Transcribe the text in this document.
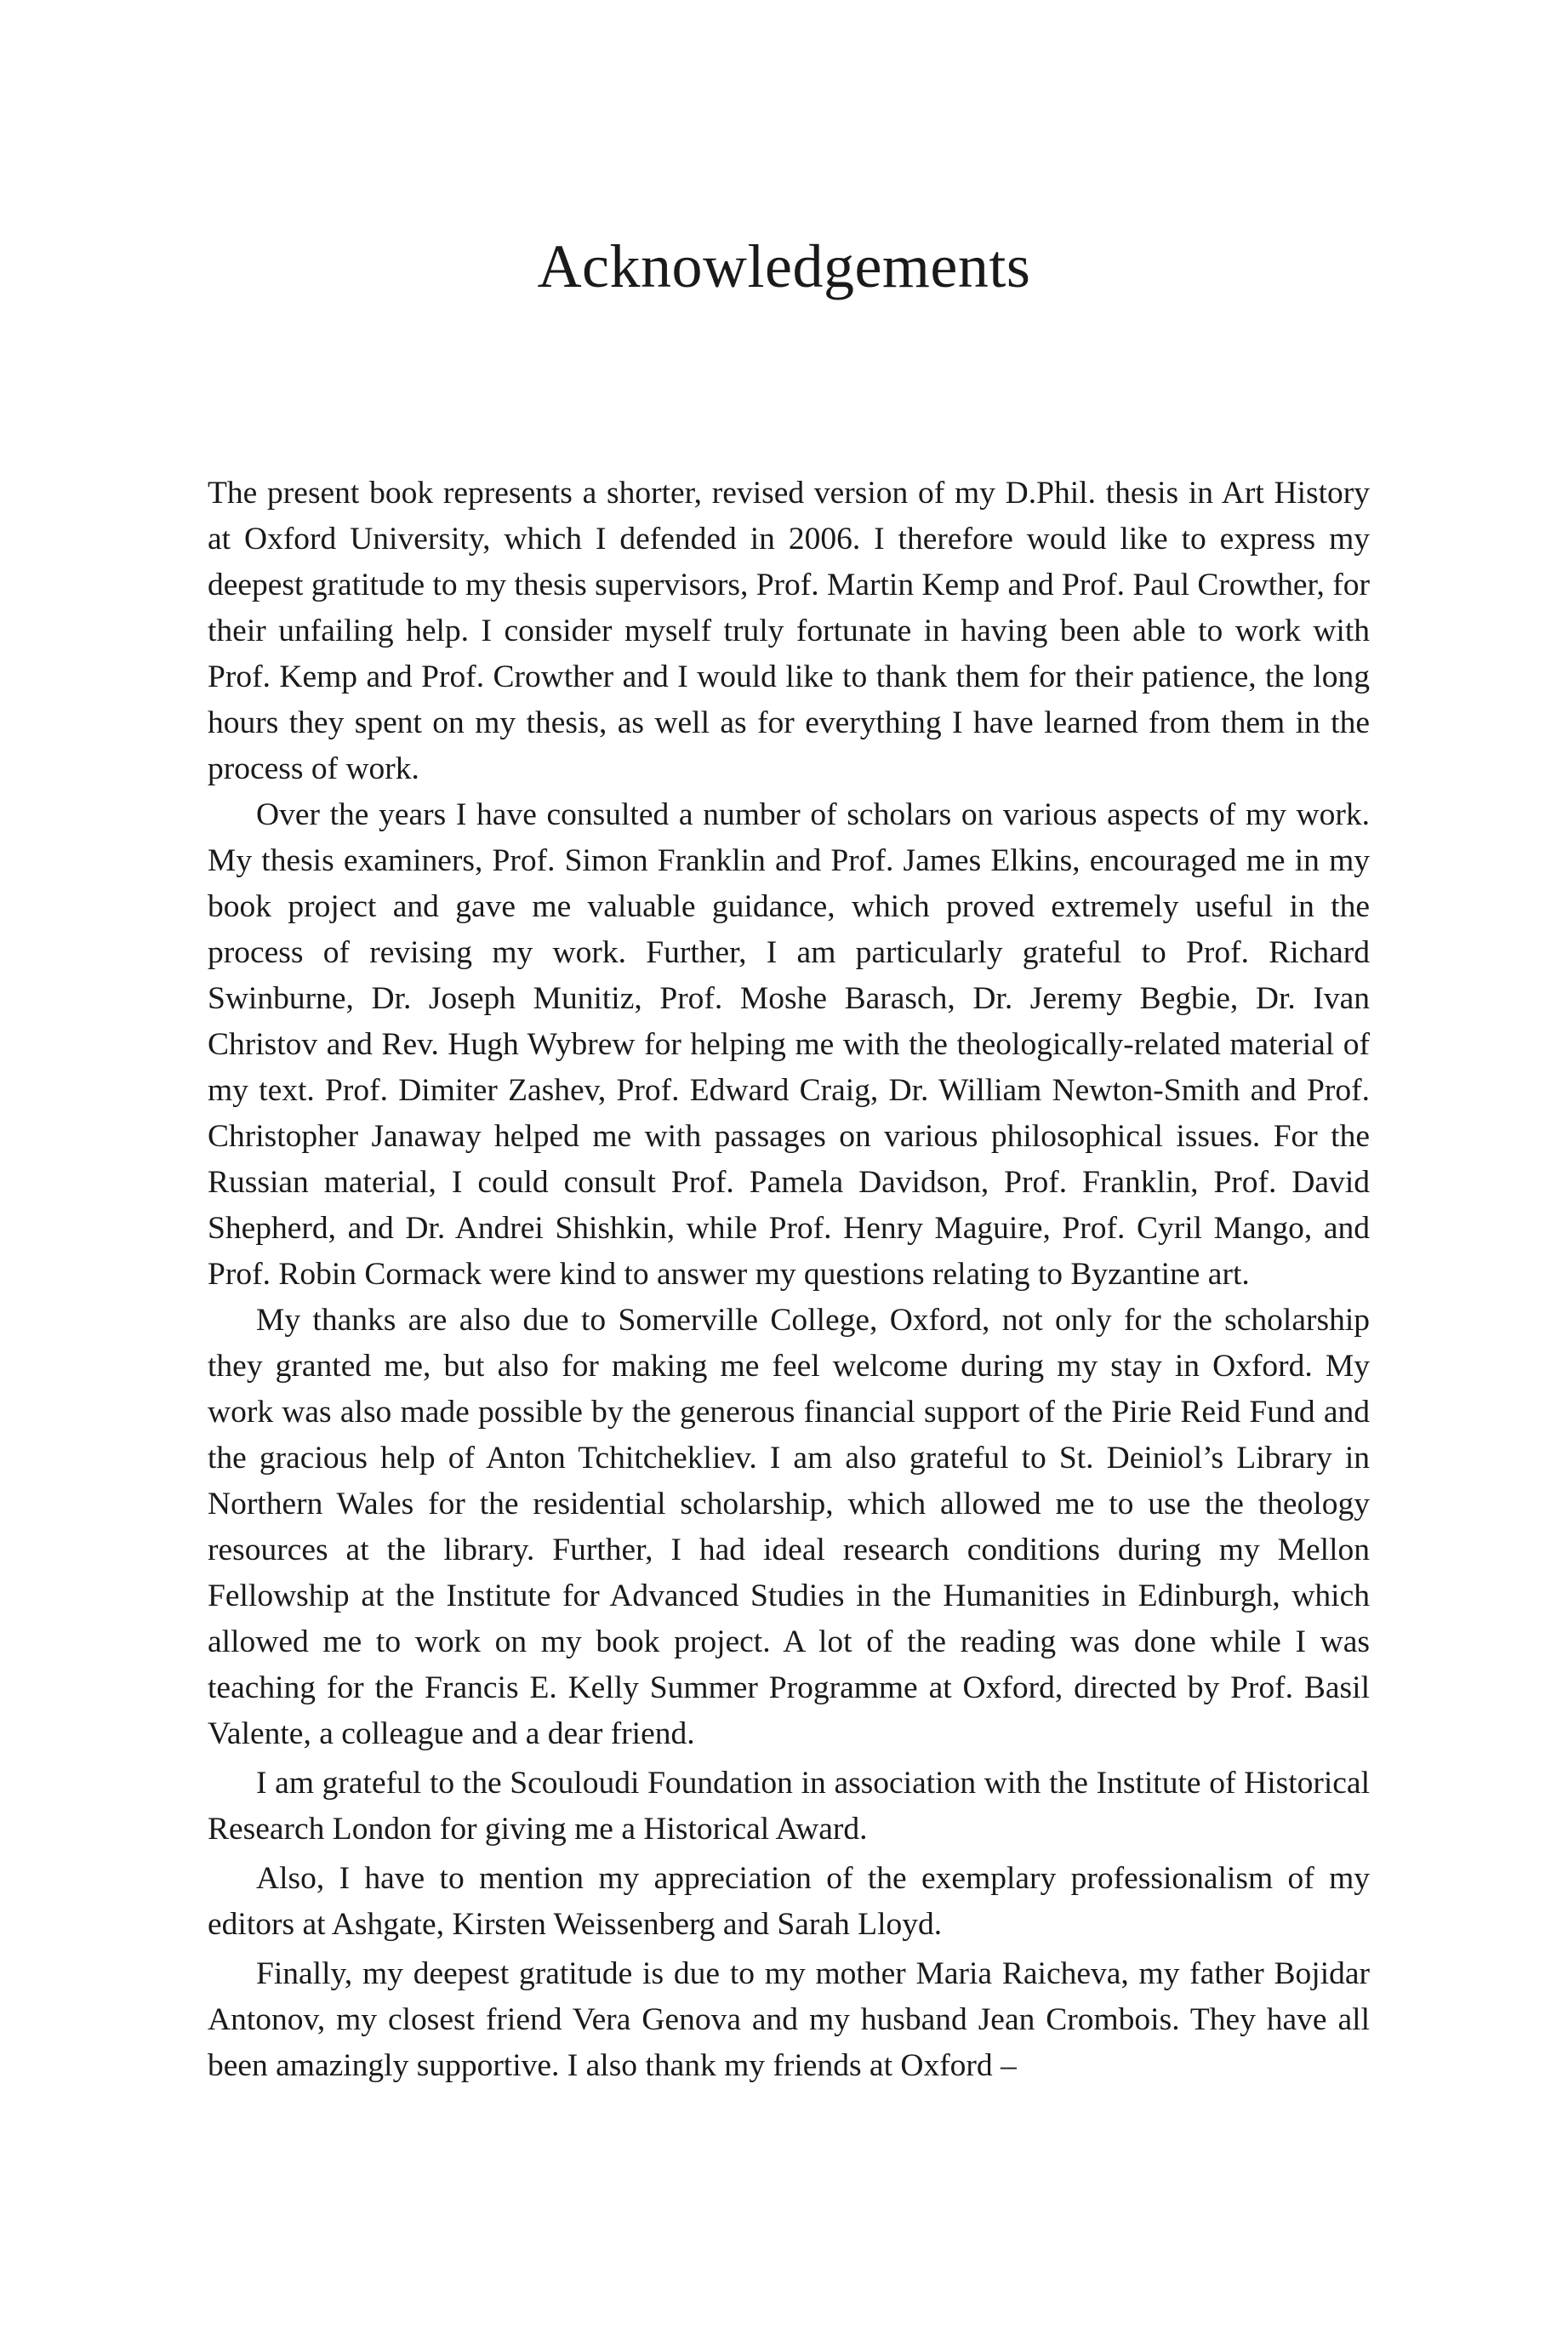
Acknowledgements

The present book represents a shorter, revised version of my D.Phil. thesis in Art History at Oxford University, which I defended in 2006. I therefore would like to express my deepest gratitude to my thesis supervisors, Prof. Martin Kemp and Prof. Paul Crowther, for their unfailing help. I consider myself truly fortunate in having been able to work with Prof. Kemp and Prof. Crowther and I would like to thank them for their patience, the long hours they spent on my thesis, as well as for everything I have learned from them in the process of work.

Over the years I have consulted a number of scholars on various aspects of my work. My thesis examiners, Prof. Simon Franklin and Prof. James Elkins, encouraged me in my book project and gave me valuable guidance, which proved extremely useful in the process of revising my work. Further, I am particularly grateful to Prof. Richard Swinburne, Dr. Joseph Munitiz, Prof. Moshe Barasch, Dr. Jeremy Begbie, Dr. Ivan Christov and Rev. Hugh Wybrew for helping me with the theologically-related material of my text. Prof. Dimiter Zashev, Prof. Edward Craig, Dr. William Newton-Smith and Prof. Christopher Janaway helped me with passages on various philosophical issues. For the Russian material, I could consult Prof. Pamela Davidson, Prof. Franklin, Prof. David Shepherd, and Dr. Andrei Shishkin, while Prof. Henry Maguire, Prof. Cyril Mango, and Prof. Robin Cormack were kind to answer my questions relating to Byzantine art.

My thanks are also due to Somerville College, Oxford, not only for the scholarship they granted me, but also for making me feel welcome during my stay in Oxford. My work was also made possible by the generous financial support of the Pirie Reid Fund and the gracious help of Anton Tchitchekliev. I am also grateful to St. Deiniol’s Library in Northern Wales for the residential scholarship, which allowed me to use the theology resources at the library. Further, I had ideal research conditions during my Mellon Fellowship at the Institute for Advanced Studies in the Humanities in Edinburgh, which allowed me to work on my book project. A lot of the reading was done while I was teaching for the Francis E. Kelly Summer Programme at Oxford, directed by Prof. Basil Valente, a colleague and a dear friend.

I am grateful to the Scouloudi Foundation in association with the Institute of Historical Research London for giving me a Historical Award.

Also, I have to mention my appreciation of the exemplary professionalism of my editors at Ashgate, Kirsten Weissenberg and Sarah Lloyd.

Finally, my deepest gratitude is due to my mother Maria Raicheva, my father Bojidar Antonov, my closest friend Vera Genova and my husband Jean Crombois. They have all been amazingly supportive. I also thank my friends at Oxford –
